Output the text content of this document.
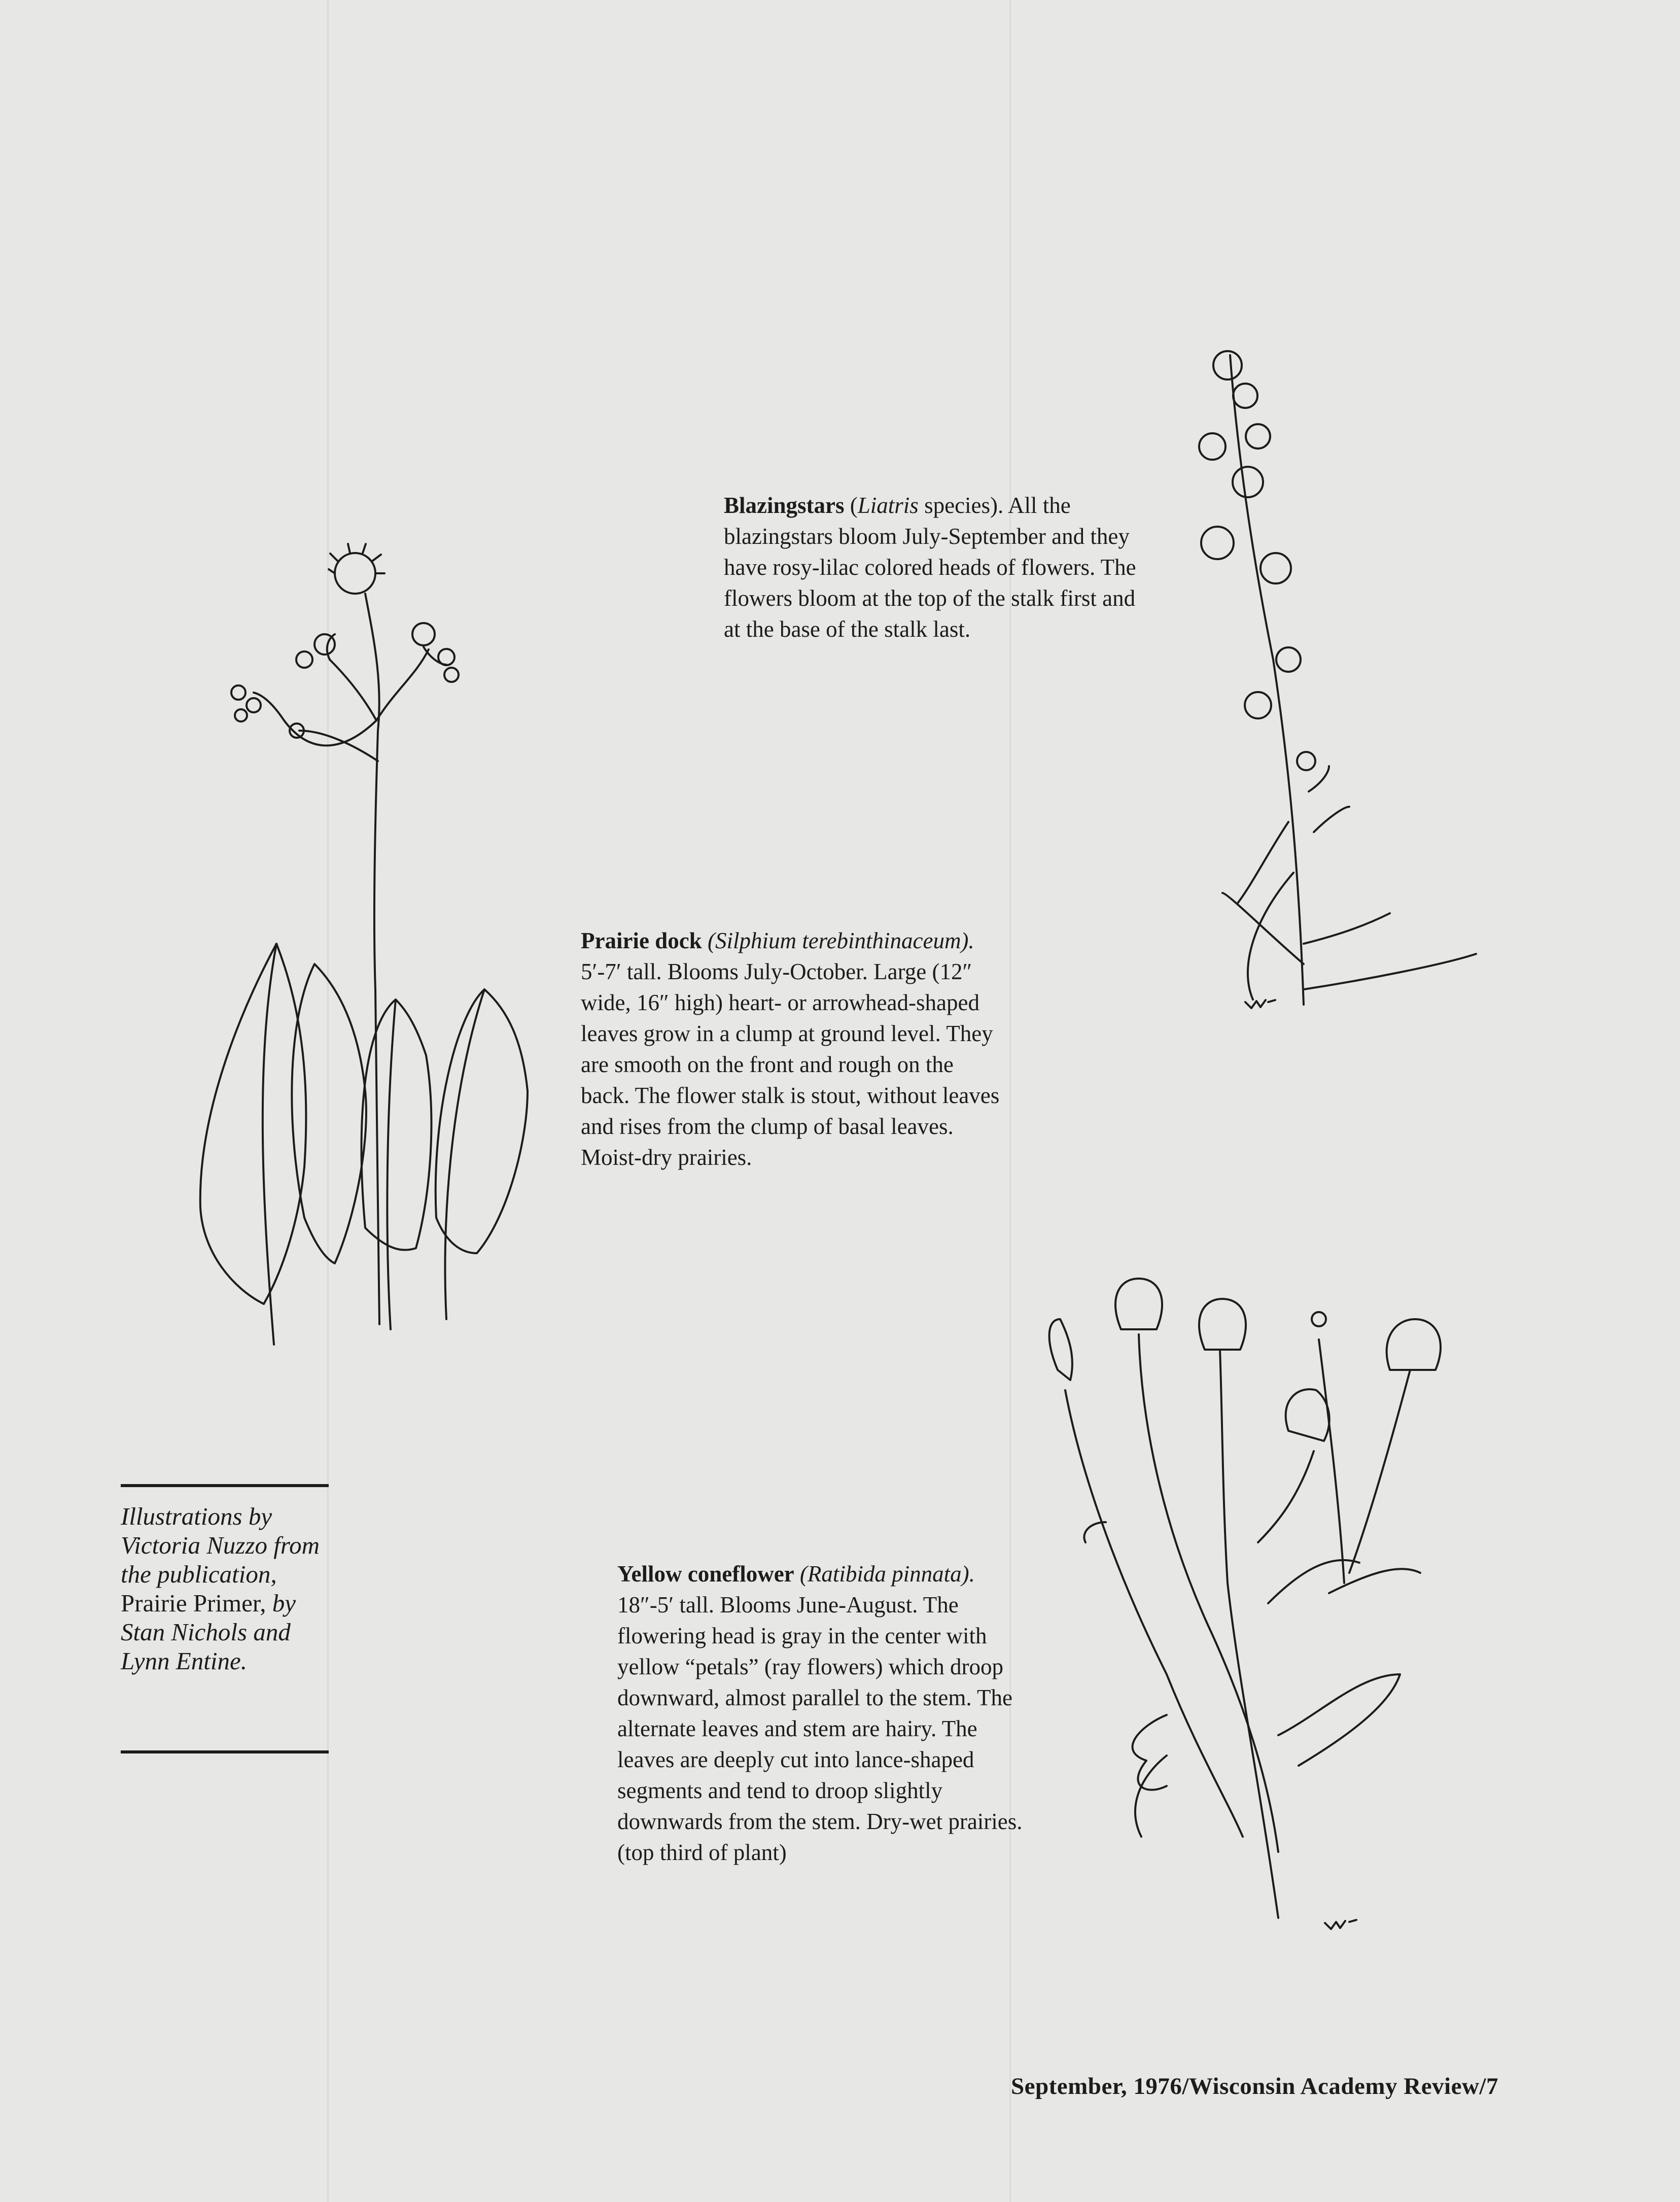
Blazingstars (Liatris species). All the blazingstars bloom July-September and they have rosy-lilac colored heads of flowers. The flowers bloom at the top of the stalk first and at the base of the stalk last.

Prairie dock (Silphium terebinthinaceum). 5′-7′ tall. Blooms July-October. Large (12″ wide, 16″ high) heart- or arrowhead-shaped leaves grow in a clump at ground level. They are smooth on the front and rough on the back. The flower stalk is stout, without leaves and rises from the clump of basal leaves. Moist-dry prairies.

Yellow coneflower (Ratibida pinnata). 18″-5′ tall. Blooms June-August. The flowering head is gray in the center with yellow “petals” (ray flowers) which droop downward, almost parallel to the stem. The alternate leaves and stem are hairy. The leaves are deeply cut into lance-shaped segments and tend to droop slightly downwards from the stem. Dry-wet prairies. (top third of plant)

Illustrations by Victoria Nuzzo from the publication, Prairie Primer, by Stan Nichols and Lynn Entine.
September, 1976/Wisconsin Academy Review/7
